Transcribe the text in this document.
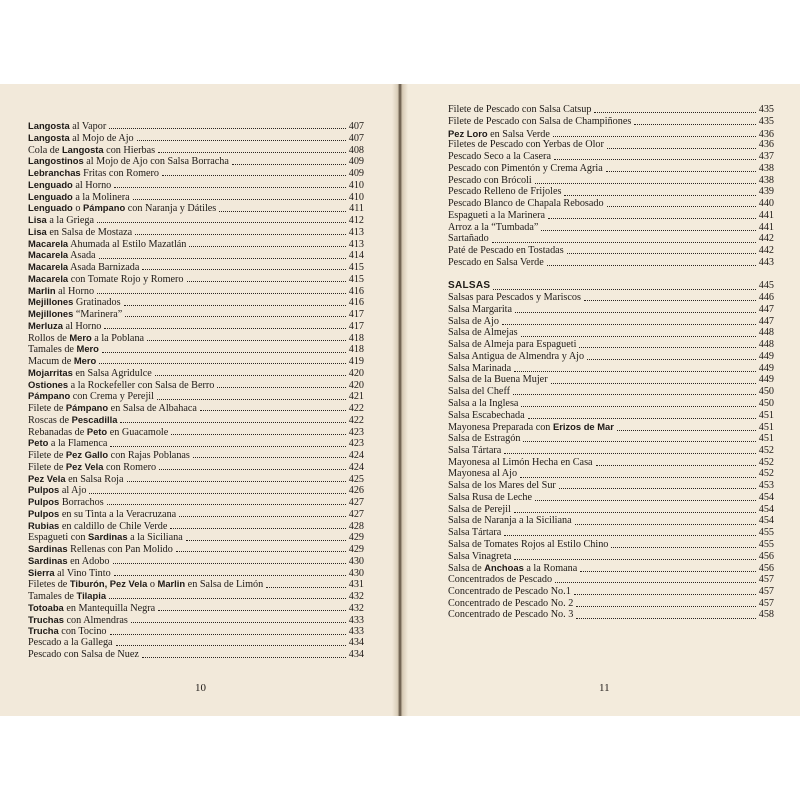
Langosta al Vapor	407
Langosta al Mojo de Ajo	407
Cola de Langosta con Hierbas	408
Langostinos al Mojo de Ajo con Salsa Borracha	409
Lebranchas Fritas con Romero	409
Lenguado al Horno	410
Lenguado a la Molinera	410
Lenguado o Pámpano con Naranja y Dátiles	411
Lisa a la Griega	412
Lisa en Salsa de Mostaza	413
Macarela Ahumada al Estilo Mazatlán	413
Macarela Asada	414
Macarela Asada Barnizada	415
Macarela con Tomate Rojo y Romero	415
Marlin al Horno	416
Mejillones Gratinados	416
Mejillones “Marinera”	417
Merluza al Horno	417
Rollos de Mero a la Poblana	418
Tamales de Mero	418
Macum de Mero	419
Mojarritas en Salsa Agridulce	420
Ostiones a la Rockefeller con Salsa de Berro	420
Pámpano con Crema y Perejil	421
Filete de Pámpano en Salsa de Albahaca	422
Roscas de Pescadilla	422
Rebanadas de Peto en Guacamole	423
Peto a la Flamenca	423
Filete de Pez Gallo con Rajas Poblanas	424
Filete de Pez Vela con Romero	424
Pez Vela en Salsa Roja	425
Pulpos al Ajo	426
Pulpos Borrachos	427
Pulpos en su Tinta a la Veracruzana	427
Rubias en caldillo de Chile Verde	428
Espagueti con Sardinas a la Siciliana	429
Sardinas Rellenas con Pan Molido	429
Sardinas en Adobo	430
Sierra al Vino Tinto	430
Filetes de Tiburón, Pez Vela o Marlin en Salsa de Limón	431
Tamales de Tilapia	432
Totoaba en Mantequilla Negra	432
Truchas con Almendras	433
Trucha con Tocino	433
Pescado a la Gallega	434
Pescado con Salsa de Nuez	434
10
Filete de Pescado con Salsa Catsup	435
Filete de Pescado con Salsa de Champiñones	435
Pez Loro en Salsa Verde	436
Filetes de Pescado con Yerbas de Olor	436
Pescado Seco a la Casera	437
Pescado con Pimentón y Crema Agria	438
Pescado con Brócoli	438
Pescado Relleno de Frijoles	439
Pescado Blanco de Chapala Rebosado	440
Espagueti a la Marinera	441
Arroz a la “Tumbada”	441
Sartañado	442
Paté de Pescado en Tostadas	442
Pescado en Salsa Verde	443
SALSAS	445
Salsas para Pescados y Mariscos	446
Salsa Margarita	447
Salsa de Ajo	447
Salsa de Almejas	448
Salsa de Almeja para Espagueti	448
Salsa Antigua de Almendra y Ajo	449
Salsa Marinada	449
Salsa de la Buena Mujer	449
Salsa del Cheff	450
Salsa a la Inglesa	450
Salsa Escabechada	451
Mayonesa Preparada con Erizos de Mar	451
Salsa de Estragón	451
Salsa Tártara	452
Mayonesa al Limón Hecha en Casa	452
Mayonesa al Ajo	452
Salsa de los Mares del Sur	453
Salsa Rusa de Leche	454
Salsa de Perejil	454
Salsa de Naranja a la Siciliana	454
Salsa Tártara	455
Salsa de Tomates Rojos al Estilo Chino	455
Salsa Vinagreta	456
Salsa de Anchoas a la Romana	456
Concentrados de Pescado	457
Concentrado de Pescado No.1	457
Concentrado de Pescado No. 2	457
Concentrado de Pescado No. 3	458
11
